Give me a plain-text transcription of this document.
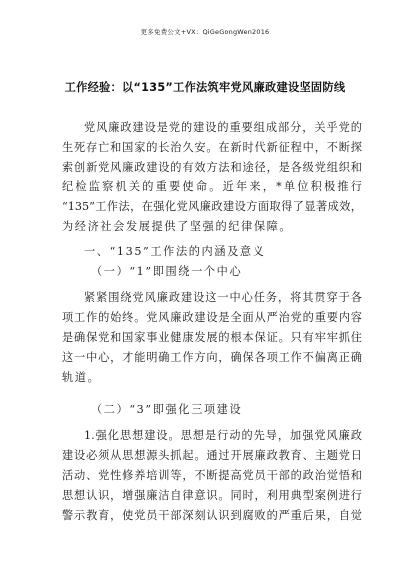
更多免费公文+VX：QiGeGongWen2016
工作经验：以“135”工作法筑牢党风廉政建设坚固防线
党风廉政建设是党的建设的重要组成部分，关乎党的
生死存亡和国家的长治久安。在新时代新征程中，不断探
索创新党风廉政建设的有效方法和途径，是各级党组织和
纪检监察机关的重要使命。近年来，*单位积极推行
“135”工作法，在强化党风廉政建设方面取得了显著成效，
为经济社会发展提供了坚强的纪律保障。
一、“135”工作法的内涵及意义
（一）“1”即围绕一个中心
紧紧围绕党风廉政建设这一中心任务，将其贯穿于各
项工作的始终。党风廉政建设是全面从严治党的重要内容
是确保党和国家事业健康发展的根本保证。只有牢牢抓住
这一中心，才能明确工作方向，确保各项工作不偏离正确
轨道。
（二）“3”即强化三项建设
1.强化思想建设。思想是行动的先导，加强党风廉政
建设必须从思想源头抓起。通过开展廉政教育、主题党日
活动、党性修养培训等，不断提高党员干部的政治觉悟和
思想认识，增强廉洁自律意识。同时，利用典型案例进行
警示教育，使党员干部深刻认识到腐败的严重后果，自觉
